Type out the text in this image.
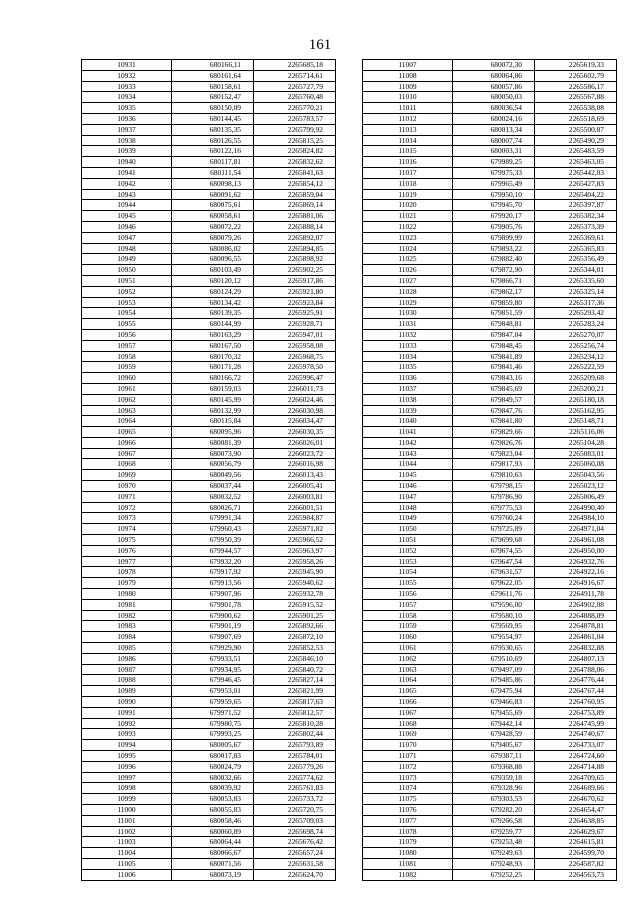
161
10931	680166,11	2265685,18
10932	680161,64	2265714,61
10933	680158,61	2265727,79
10934	680152,47	2265760,48
10935	680150,09	2265770,21
10936	680144,45	2265783,57
10937	680135,35	2265799,92
10938	680126,55	2265815,25
10939	680122,16	2265824,82
10940	680117,81	2265832,62
10941	680111,54	2265841,63
10942	680098,13	2265854,12
10943	680091,62	2265859,04
10944	680075,61	2265869,14
10945	680058,61	2265881,06
10946	680072,22	2265888,14
10947	680079,26	2265892,07
10948	680086,02	2265894,85
10949	680096,55	2265898,92
10950	680103,49	2265902,25
10951	680120,12	2265917,86
10952	680124,29	2265921,80
10953	680134,42	2265923,84
10954	680139,35	2265925,91
10955	680144,99	2265928,71
10956	680163,29	2265947,01
10957	680167,50	2265958,08
10958	680170,32	2265968,75
10959	680171,28	2265978,50
10960	680166,72	2265996,47
10961	680159,03	2266011,73
10962	680145,99	2266024,46
10963	680132,99	2266030,98
10964	680115,84	2266034,47
10965	680095,96	2266030,35
10966	680081,39	2266026,01
10967	680073,90	2266023,72
10968	680056,79	2266016,98
10969	680049,56	2266013,43
10970	680037,44	2266005,41
10971	680032,52	2266003,81
10972	680026,71	2266001,51
10973	679991,34	2265984,87
10974	679960,43	2265971,82
10975	679950,39	2265966,52
10976	679944,57	2265963,97
10977	679932,20	2265958,26
10978	679917,92	2265945,90
10979	679913,56	2265940,62
10980	679907,96	2265932,78
10981	679901,78	2265915,52
10982	679900,62	2265901,25
10983	679901,19	2265892,66
10984	679907,69	2265872,10
10985	679929,90	2265852,53
10986	679933,51	2265846,10
10987	679934,95	2265840,72
10988	679946,45	2265827,14
10989	679953,01	2265821,99
10990	679959,65	2265817,63
10991	679971,52	2265812,57
10992	679980,75	2265810,28
10993	679993,25	2265802,44
10994	680005,67	2265793,89
10995	680017,83	2265784,01
10996	680024,79	2265779,26
10997	680032,66	2265774,62
10998	680039,92	2265761,83
10999	680053,83	2265733,72
11000	680055,83	2265720,75
11001	680058,46	2265709,03
11002	680060,89	2265698,74
11003	680064,44	2265676,42
11004	680066,67	2265657,24
11005	680071,56	2265631,58
11006	680073,19	2265624,70
11007	680072,30	2265619,33
11008	680064,86	2265602,79
11009	680057,86	2265586,17
11010	680050,03	2265567,88
11011	680036,54	2265538,08
11012	680024,16	2265518,69
11013	680013,34	2265500,87
11014	680007,74	2265490,29
11015	680003,31	2265483,59
11016	679989,25	2265463,05
11017	679975,33	2265442,03
11018	679965,49	2265427,83
11019	679950,10	2265404,22
11020	679945,70	2265397,87
11021	679920,17	2265382,34
11022	679905,76	2265373,39
11023	679899,99	2265369,61
11024	679893,22	2265365,83
11025	679882,40	2265356,49
11026	679872,90	2265344,01
11027	679866,71	2265335,60
11028	679862,17	2265325,14
11029	679859,80	2265317,36
11030	679851,59	2265293,42
11031	679848,81	2265283,24
11032	679847,04	2265270,07
11033	679848,45	2265256,74
11034	679841,89	2265234,12
11035	679841,46	2265222,59
11036	679843,16	2265209,68
11037	679845,69	2265200,21
11038	679849,57	2265180,18
11039	679847,76	2265162,95
11040	679841,80	2265148,71
11041	679829,66	2265116,06
11042	679826,76	2265104,28
11043	679823,04	2265083,01
11044	679817,93	2265060,08
11045	679810,63	2265043,56
11046	679798,15	2265023,12
11047	679786,90	2265006,49
11048	679775,53	2264990,40
11049	679760,24	2264984,10
11050	679725,89	2264971,04
11051	679699,68	2264961,08
11052	679674,55	2264950,00
11053	679647,54	2264932,76
11054	679631,57	2264922,16
11055	679622,05	2264916,67
11056	679611,76	2264911,78
11057	679596,00	2264902,08
11058	679580,10	2264888,09
11059	679569,95	2264878,81
11060	679554,97	2264861,04
11061	679530,65	2264832,88
11062	679510,69	2264807,13
11063	679497,09	2264788,06
11064	679485,86	2264776,44
11065	679475,94	2264767,44
11066	679466,83	2264760,95
11067	679455,69	2264753,89
11068	679442,14	2264745,99
11069	679428,59	2264740,67
11070	679405,67	2264733,07
11071	679387,11	2264724,60
11072	679368,88	2264714,88
11073	679359,18	2264709,65
11074	679328,96	2264689,66
11075	679303,53	2264670,62
11076	679282,20	2264654,47
11077	679266,58	2264638,85
11078	679259,77	2264629,67
11079	679253,48	2264615,81
11080	679249,63	2264599,70
11081	679248,93	2264587,82
11082	679252,25	2264563,73
